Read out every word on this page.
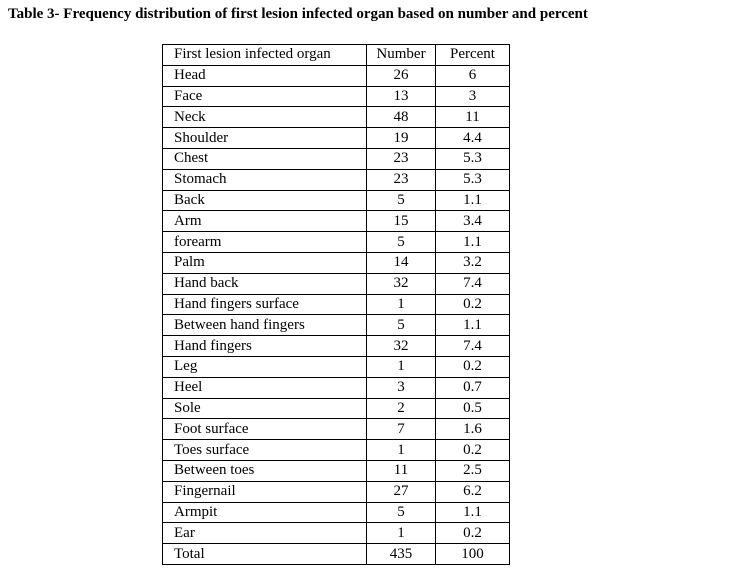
Table 3- Frequency distribution of first lesion infected organ based on number and percent
First lesion infected organ	Number	Percent
Head	26	6
Face	13	3
Neck	48	11
Shoulder	19	4.4
Chest	23	5.3
Stomach	23	5.3
Back	5	1.1
Arm	15	3.4
forearm	5	1.1
Palm	14	3.2
Hand back	32	7.4
Hand fingers surface	1	0.2
Between hand fingers	5	1.1
Hand fingers	32	7.4
Leg	1	0.2
Heel	3	0.7
Sole	2	0.5
Foot surface	7	1.6
Toes surface	1	0.2
Between toes	11	2.5
Fingernail	27	6.2
Armpit	5	1.1
Ear	1	0.2
Total	435	100
